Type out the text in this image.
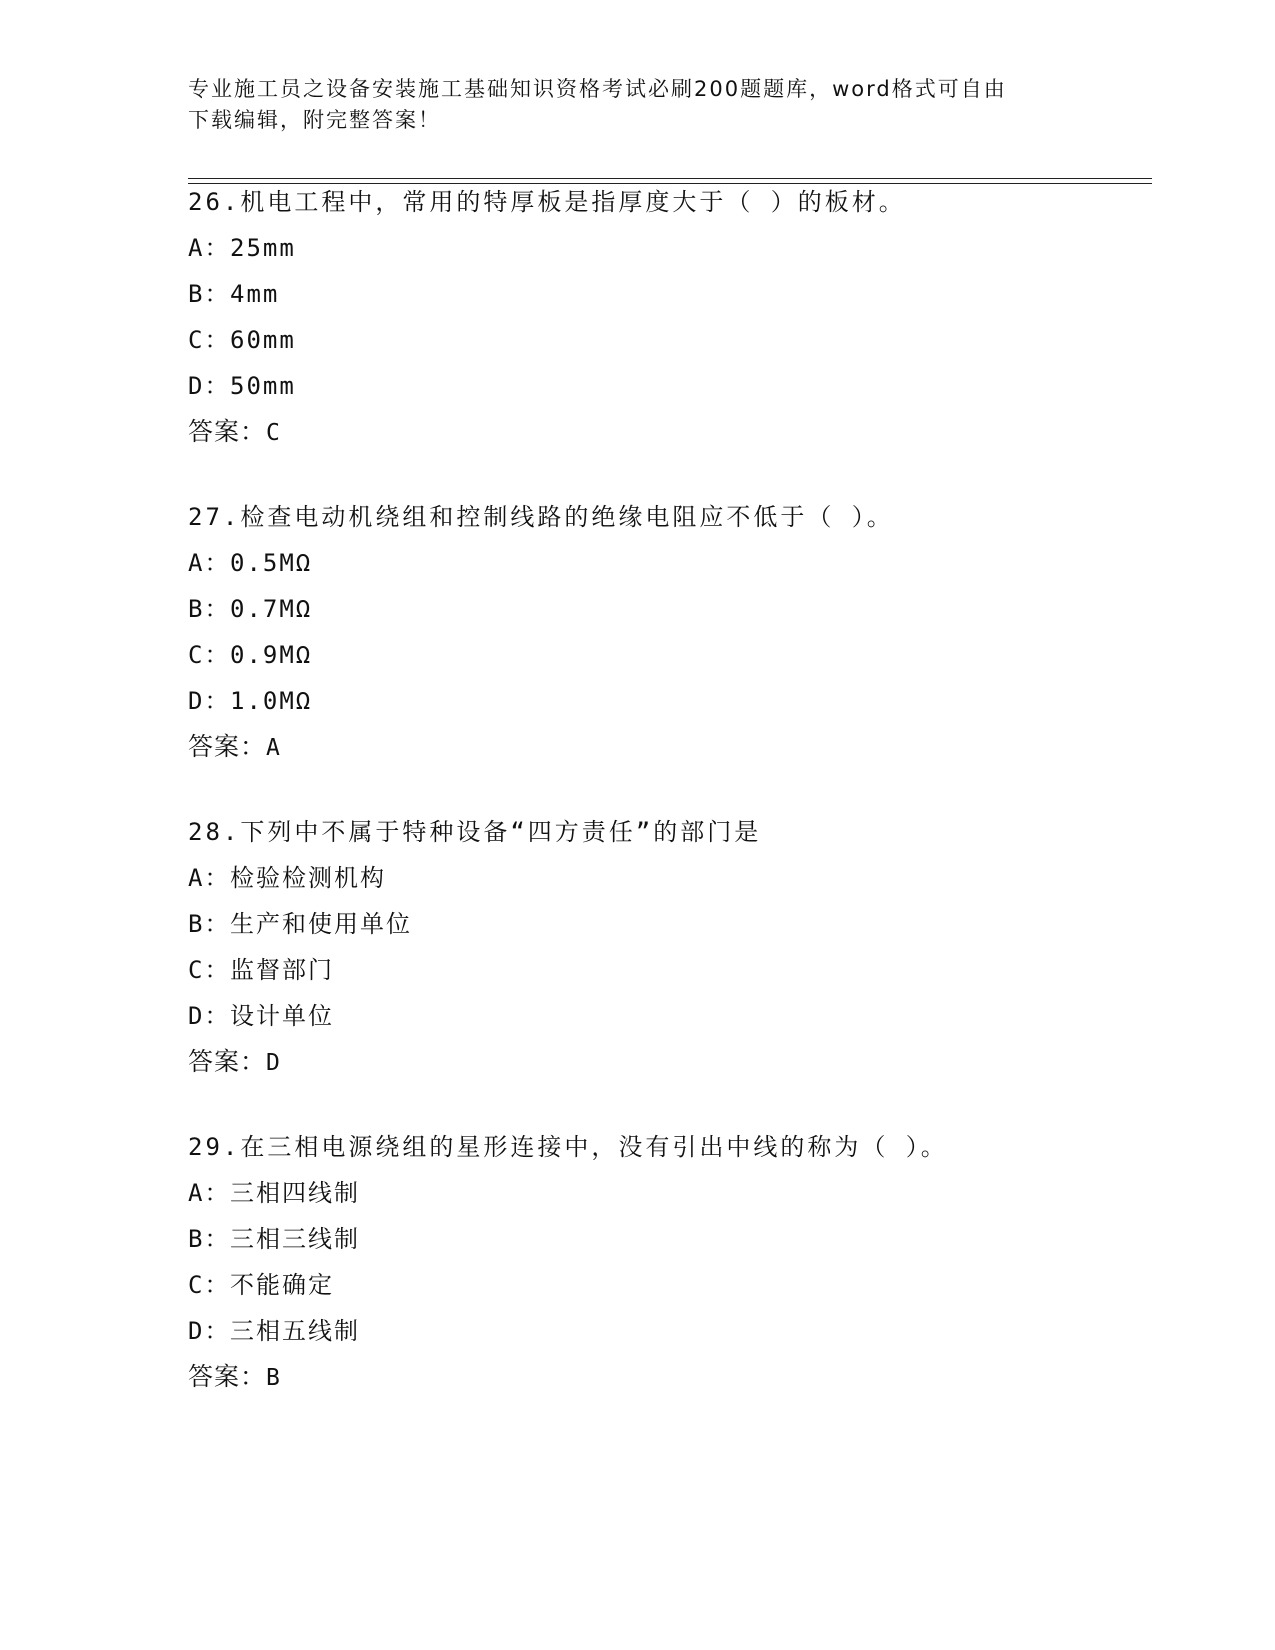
专业施工员之设备安装施工基础知识资格考试必刷200题题库，word格式可自由
下载编辑，附完整答案！
26.机电工程中，常用的特厚板是指厚度大于（ ）的板材。
A：25mm
B：4mm
C：60mm
D：50mm
答案：C
27.检查电动机绕组和控制线路的绝缘电阻应不低于（ ）。
A：0.5MΩ
B：0.7MΩ
C：0.9MΩ
D：1.0MΩ
答案：A
28.下列中不属于特种设备“四方责任”的部门是
A：检验检测机构
B：生产和使用单位
C：监督部门
D：设计单位
答案：D
29.在三相电源绕组的星形连接中，没有引出中线的称为（ ）。
A：三相四线制
B：三相三线制
C：不能确定
D：三相五线制
答案：B
